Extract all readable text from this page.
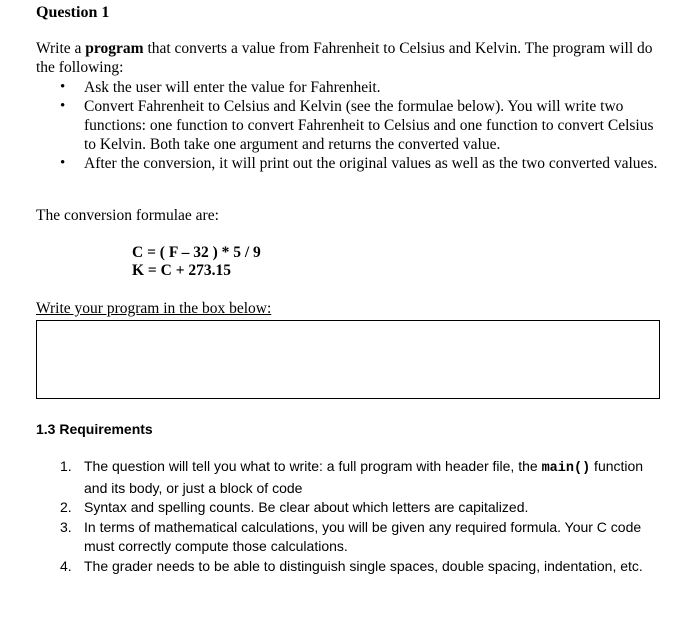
Question 1

Write a program that converts a value from Fahrenheit to Celsius and Kelvin. The program will do the following:

• Ask the user will enter the value for Fahrenheit.
• Convert Fahrenheit to Celsius and Kelvin (see the formulae below). You will write two functions: one function to convert Fahrenheit to Celsius and one function to convert Celsius to Kelvin. Both take one argument and returns the converted value.
• After the conversion, it will print out the original values as well as the two converted values.

The conversion formulae are:

C = ( F – 32 ) * 5 / 9
K = C + 273.15

Write your program in the box below:

1.3 Requirements
1. The question will tell you what to write: a full program with header file, the main() function and its body, or just a block of code
2. Syntax and spelling counts. Be clear about which letters are capitalized.
3. In terms of mathematical calculations, you will be given any required formula. Your C code must correctly compute those calculations.
4. The grader needs to be able to distinguish single spaces, double spacing, indentation, etc.
